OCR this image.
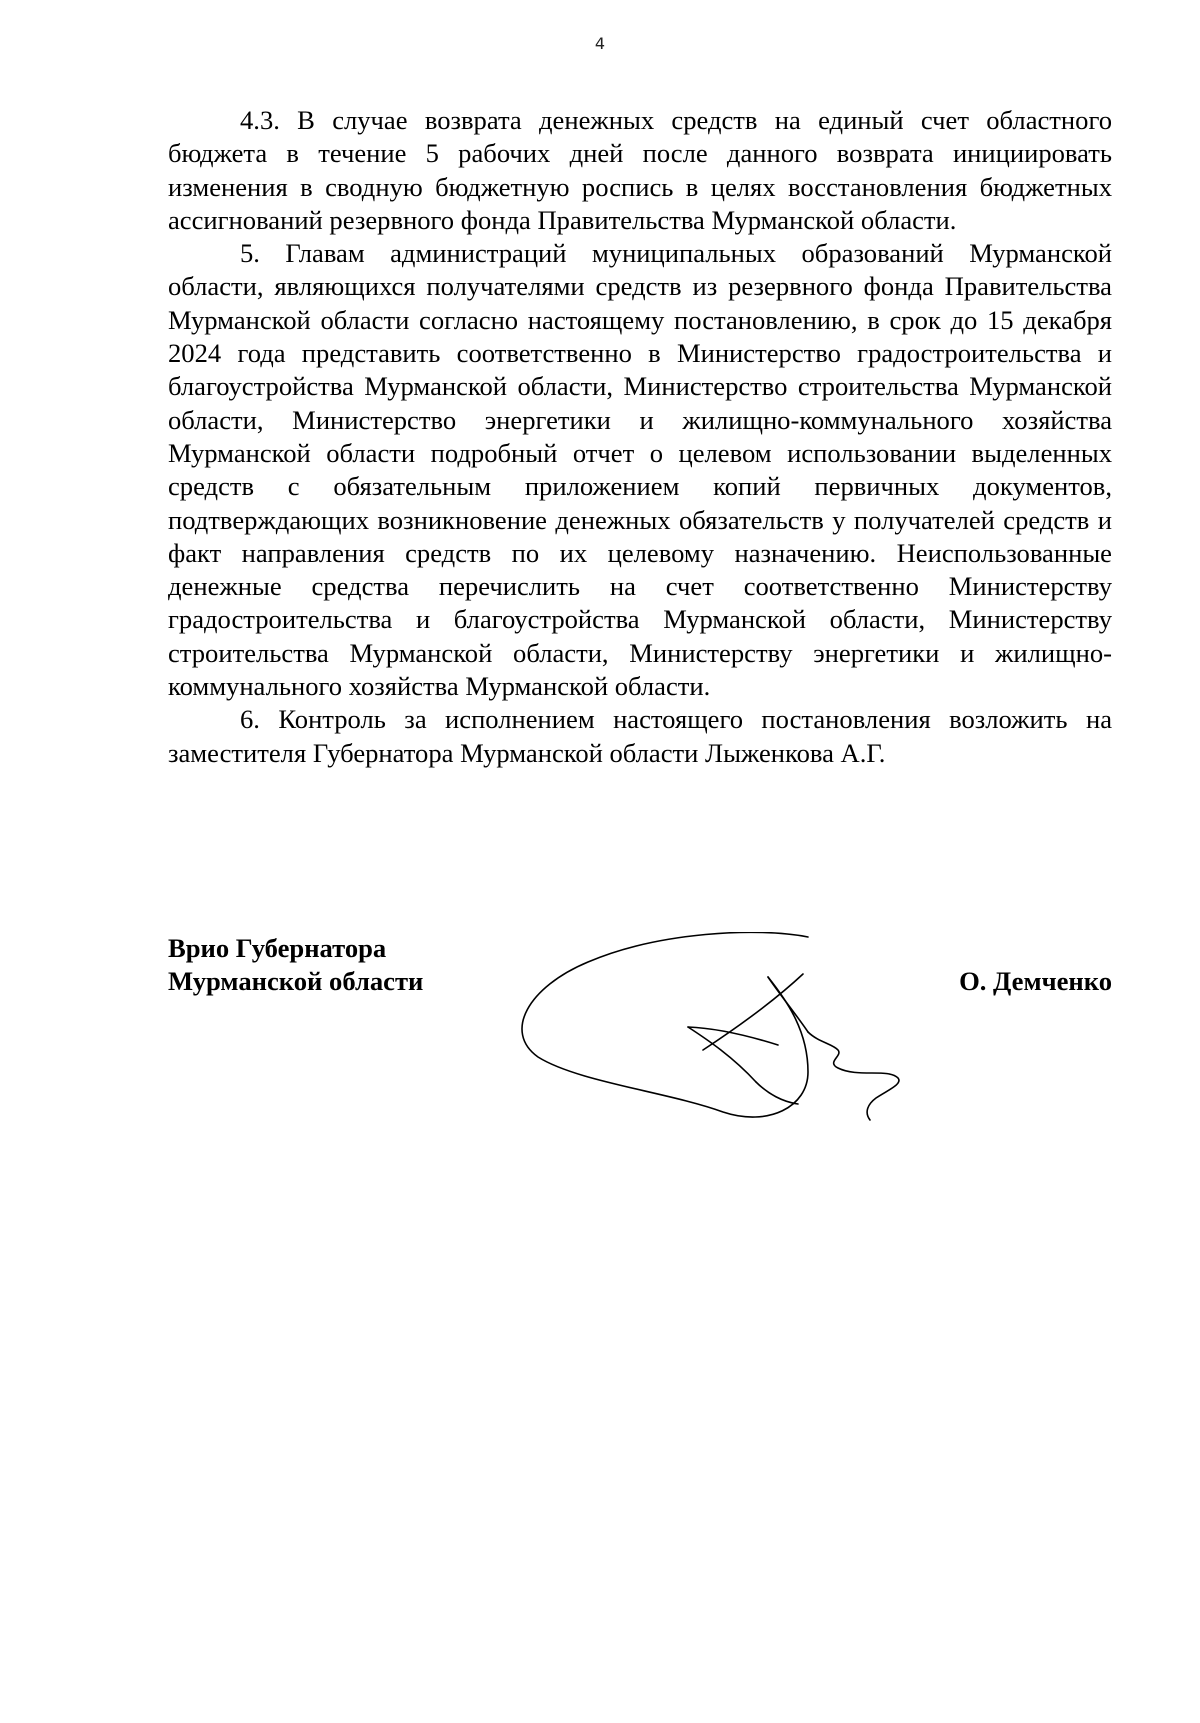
4

4.3. В случае возврата денежных средств на единый счет областного бюджета в течение 5 рабочих дней после данного возврата инициировать изменения в сводную бюджетную роспись в целях восстановления бюджетных ассигнований резервного фонда Правительства Мурманской области.

5. Главам администраций муниципальных образований Мурманской области, являющихся получателями средств из резервного фонда Правительства Мурманской области согласно настоящему постановлению, в срок до 15 декабря 2024 года представить соответственно в Министерство градостроительства и благоустройства Мурманской области, Министерство строительства Мурманской области, Министерство энергетики и жилищно-коммунального хозяйства Мурманской области подробный отчет о целевом использовании выделенных средств с обязательным приложением копий первичных документов, подтверждающих возникновение денежных обязательств у получателей средств и факт направления средств по их целевому назначению. Неиспользованные денежные средства перечислить на счет соответственно Министерству градостроительства и благоустройства Мурманской области, Министерству строительства Мурманской области, Министерству энергетики и жилищно-коммунального хозяйства Мурманской области.

6. Контроль за исполнением настоящего постановления возложить на заместителя Губернатора Мурманской области Лыженкова А.Г.

Врио Губернатора
Мурманской области	О. Демченко
